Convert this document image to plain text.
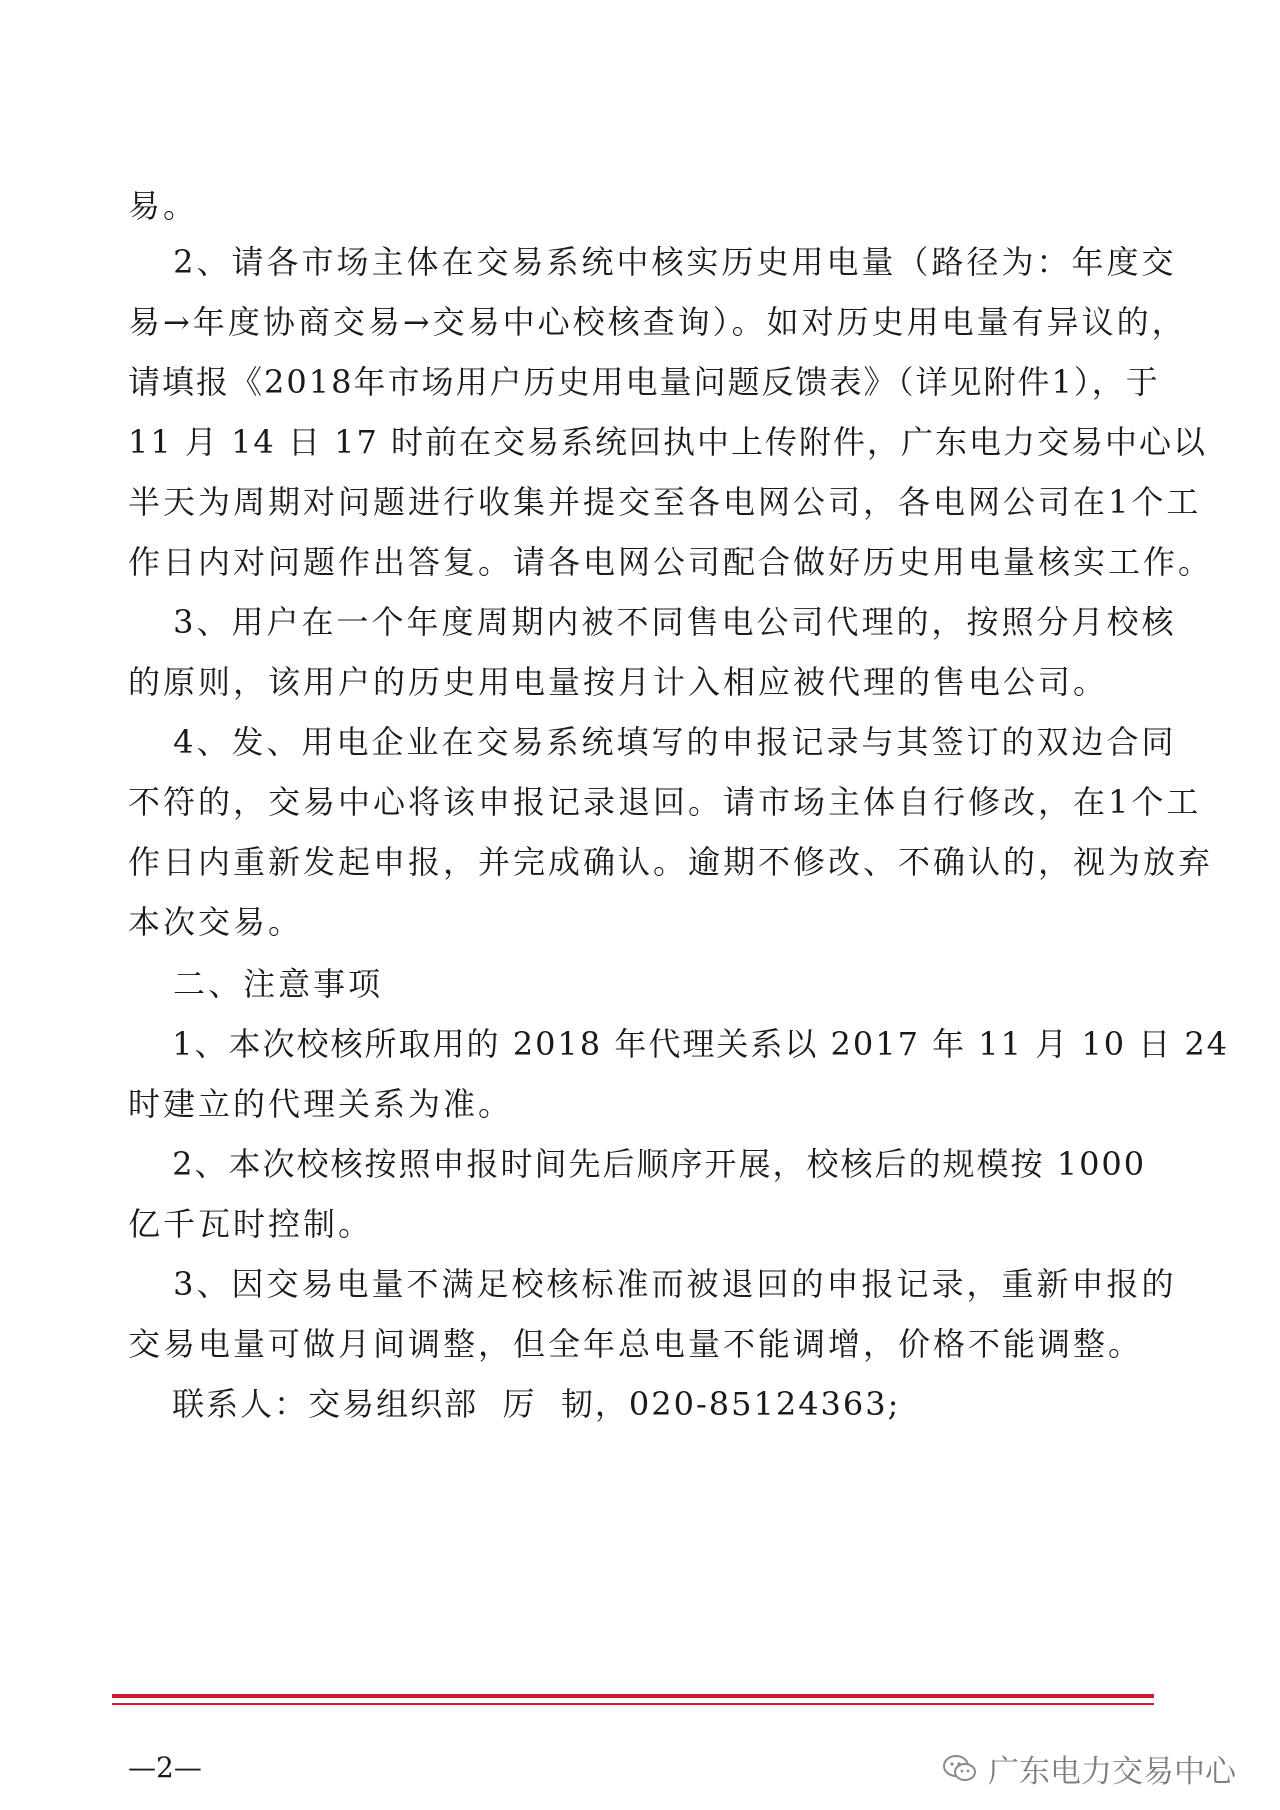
易。
2、请各市场主体在交易系统中核实历史用电量（路径为：年度交
易→年度协商交易→交易中心校核查询）。如对历史用电量有异议的，
请填报《2018年市场用户历史用电量问题反馈表》（详见附件1），于
11 月 14 日 17 时前在交易系统回执中上传附件，广东电力交易中心以
半天为周期对问题进行收集并提交至各电网公司，各电网公司在1个工
作日内对问题作出答复。请各电网公司配合做好历史用电量核实工作。
3、用户在一个年度周期内被不同售电公司代理的，按照分月校核
的原则，该用户的历史用电量按月计入相应被代理的售电公司。
4、发、用电企业在交易系统填写的申报记录与其签订的双边合同
不符的，交易中心将该申报记录退回。请市场主体自行修改，在1个工
作日内重新发起申报，并完成确认。逾期不修改、不确认的，视为放弃
本次交易。
二、注意事项
1、本次校核所取用的 2018 年代理关系以 2017 年 11 月 10 日 24
时建立的代理关系为准。
2、本次校核按照申报时间先后顺序开展，校核后的规模按 1000
亿千瓦时控制。
3、因交易电量不满足校核标准而被退回的申报记录，重新申报的
交易电量可做月间调整，但全年总电量不能调增，价格不能调整。
联系人：交易组织部  厉  韧，020-85124363;
—2—	广东电力交易中心
